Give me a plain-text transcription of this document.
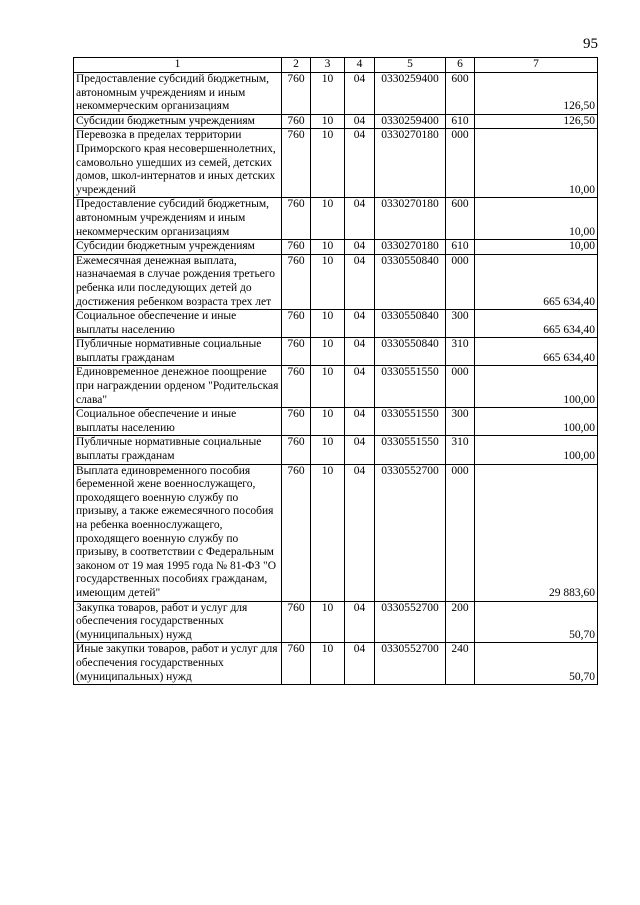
95
1	2	3	4	5	6	7
Предоставление субсидий бюджетным, автономным учреждениям и иным некоммерческим организациям	760	10	04	0330259400	600	126,50
Субсидии бюджетным учреждениям	760	10	04	0330259400	610	126,50
Перевозка в пределах территории Приморского края несовершеннолетних, самовольно ушедших из семей, детских домов, школ-интернатов и иных детских учреждений	760	10	04	0330270180	000	10,00
Предоставление субсидий бюджетным, автономным учреждениям и иным некоммерческим организациям	760	10	04	0330270180	600	10,00
Субсидии бюджетным учреждениям	760	10	04	0330270180	610	10,00
Ежемесячная денежная выплата, назначаемая в случае рождения третьего ребенка или последующих детей до достижения ребенком возраста трех лет	760	10	04	0330550840	000	665 634,40
Социальное обеспечение и иные выплаты населению	760	10	04	0330550840	300	665 634,40
Публичные нормативные социальные выплаты гражданам	760	10	04	0330550840	310	665 634,40
Единовременное денежное поощрение при награждении орденом "Родительская слава"	760	10	04	0330551550	000	100,00
Социальное обеспечение и иные выплаты населению	760	10	04	0330551550	300	100,00
Публичные нормативные социальные выплаты гражданам	760	10	04	0330551550	310	100,00
Выплата единовременного пособия беременной жене военнослужащего, проходящего военную службу по призыву, а также ежемесячного пособия на ребенка военнослужащего, проходящего военную службу по призыву, в соответствии с Федеральным законом от 19 мая 1995 года № 81-ФЗ "О государственных пособиях гражданам, имеющим детей"	760	10	04	0330552700	000	29 883,60
Закупка товаров, работ и услуг для обеспечения государственных (муниципальных) нужд	760	10	04	0330552700	200	50,70
Иные закупки товаров, работ и услуг для обеспечения государственных (муниципальных) нужд	760	10	04	0330552700	240	50,70
